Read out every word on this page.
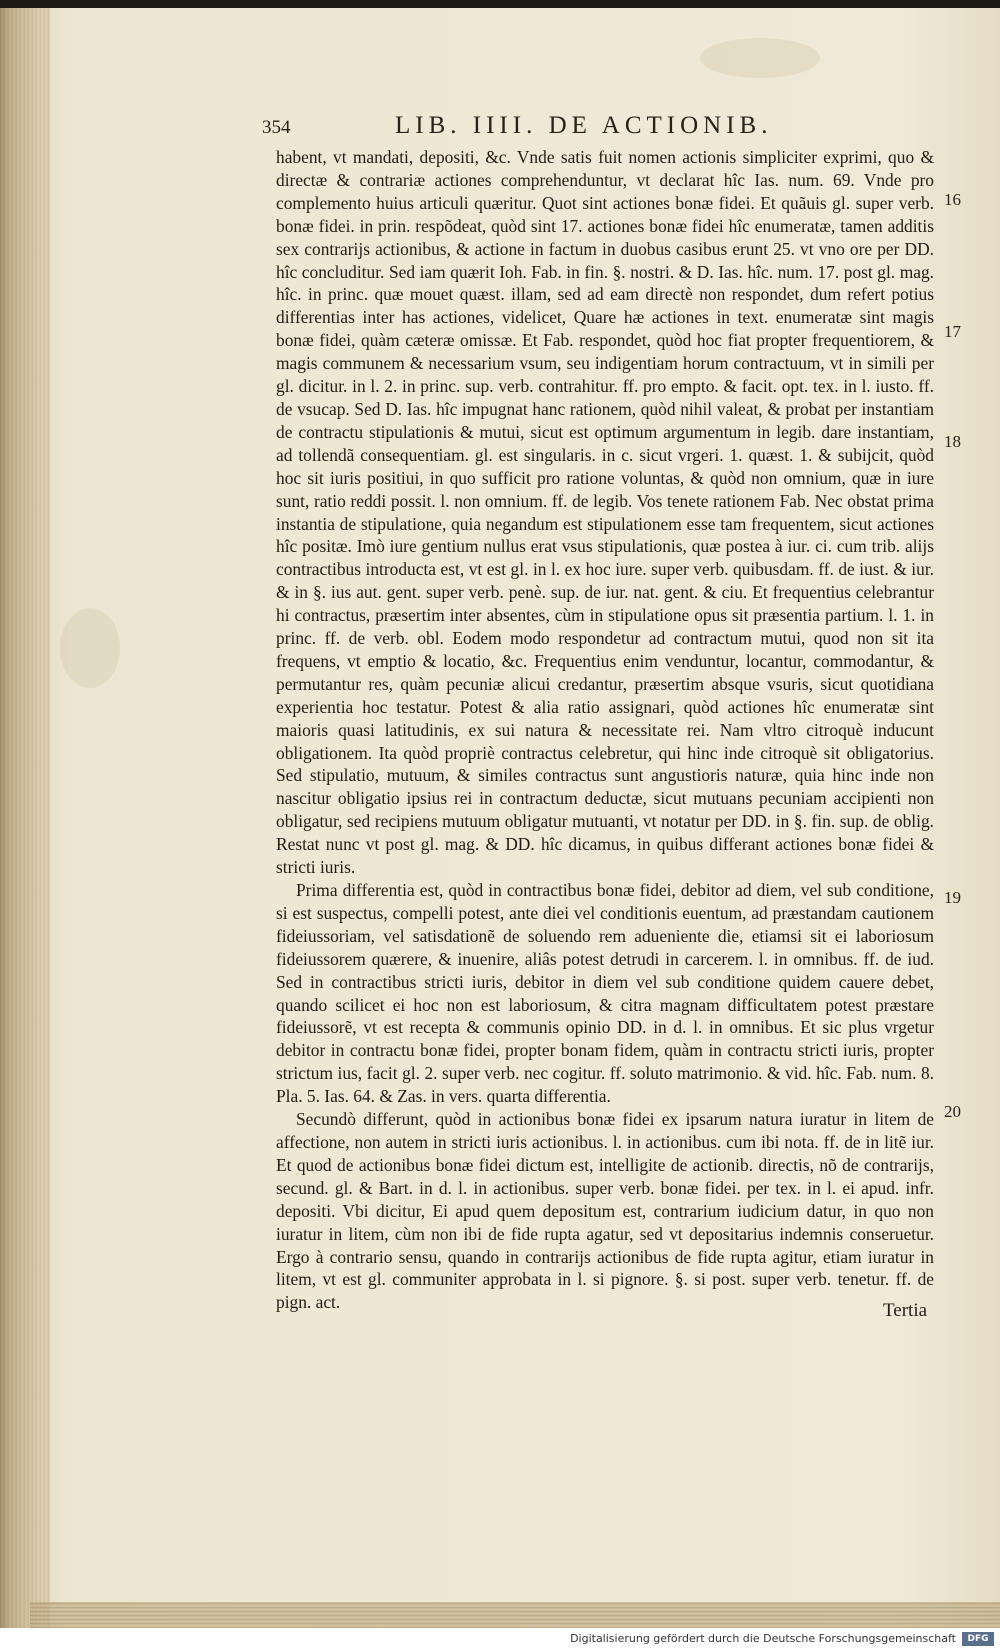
354	LIB. IIII. DE ACTIONIB.

habent, vt mandati, depositi, &c. Vnde satis fuit nomen actionis simpliciter exprimi, quo & directæ & contrariæ actiones comprehenduntur, vt declarat hîc Ias. num. 69. Vnde pro complemento huius articuli quæritur. Quot sint actiones bonæ fidei. Et quãuis gl. super verb. bonæ fidei. in prin. respõdeat, quòd sint 17. actiones bonæ fidei hîc enumeratæ, tamen additis sex contrarijs actionibus, & actione in factum in duobus casibus erunt 25. vt vno ore per DD. hîc concluditur. Sed iam quærit Ioh. Fab. in fin. §. nostri. & D. Ias. hîc. num. 17. post gl. mag. hîc. in princ. quæ mouet quæst. illam, sed ad eam directè non respondet, dum refert potius differentias inter has actiones, videlicet, Quare hæ actiones in text. enumeratæ sint magis bonæ fidei, quàm cæteræ omissæ. Et Fab. respondet, quòd hoc fiat propter frequentiorem, & magis communem & necessarium vsum, seu indigentiam horum contractuum, vt in simili per gl. dicitur. in l. 2. in princ. sup. verb. contrahitur. ff. pro empto. & facit. opt. tex. in l. iusto. ff. de vsucap. Sed D. Ias. hîc impugnat hanc rationem, quòd nihil valeat, & probat per instantiam de contractu stipulationis & mutui, sicut est optimum argumentum in legib. dare instantiam, ad tollendã consequentiam. gl. est singularis. in c. sicut vrgeri. 1. quæst. 1. & subijcit, quòd hoc sit iuris positiui, in quo sufficit pro ratione voluntas, & quòd non omnium, quæ in iure sunt, ratio reddi possit. l. non omnium. ff. de legib. Vos tenete rationem Fab. Nec obstat prima instantia de stipulatione, quia negandum est stipulationem esse tam frequentem, sicut actiones hîc positæ. Imò iure gentium nullus erat vsus stipulationis, quæ postea à iur. ci. cum trib. alijs contractibus introducta est, vt est gl. in l. ex hoc iure. super verb. quibusdam. ff. de iust. & iur. & in §. ius aut. gent. super verb. penè. sup. de iur. nat. gent. & ciu. Et frequentius celebrantur hi contractus, præsertim inter absentes, cùm in stipulatione opus sit præsentia partium. l. 1. in princ. ff. de verb. obl. Eodem modo respondetur ad contractum mutui, quod non sit ita frequens, vt emptio & locatio, &c. Frequentius enim venduntur, locantur, commodantur, & permutantur res, quàm pecuniæ alicui credantur, præsertim absque vsuris, sicut quotidiana experientia hoc testatur. Potest & alia ratio assignari, quòd actiones hîc enumeratæ sint maioris quasi latitudinis, ex sui natura & necessitate rei. Nam vltro citroquè inducunt obligationem. Ita quòd propriè contractus celebretur, qui hinc inde citroquè sit obligatorius. Sed stipulatio, mutuum, & similes contractus sunt angustioris naturæ, quia hinc inde non nascitur obligatio ipsius rei in contractum deductæ, sicut mutuans pecuniam accipienti non obligatur, sed recipiens mutuum obligatur mutuanti, vt notatur per DD. in §. fin. sup. de oblig. Restat nunc vt post gl. mag. & DD. hîc dicamus, in quibus differant actiones bonæ fidei & stricti iuris.

Prima differentia est, quòd in contractibus bonæ fidei, debitor ad diem, vel sub conditione, si est suspectus, compelli potest, ante diei vel conditionis euentum, ad præstandam cautionem fideiussoriam, vel satisdationẽ de soluendo rem adueniente die, etiamsi sit ei laboriosum fideiussorem quærere, & inuenire, aliâs potest detrudi in carcerem. l. in omnibus. ff. de iud. Sed in contractibus stricti iuris, debitor in diem vel sub conditione quidem cauere debet, quando scilicet ei hoc non est laboriosum, & citra magnam difficultatem potest præstare fideiussorẽ, vt est recepta & communis opinio DD. in d. l. in omnibus. Et sic plus vrgetur debitor in contractu bonæ fidei, propter bonam fidem, quàm in contractu stricti iuris, propter strictum ius, facit gl. 2. super verb. nec cogitur. ff. soluto matrimonio. & vid. hîc. Fab. num. 8. Pla. 5. Ias. 64. & Zas. in vers. quarta differentia.

Secundò differunt, quòd in actionibus bonæ fidei ex ipsarum natura iuratur in litem de affectione, non autem in stricti iuris actionibus. l. in actionibus. cum ibi nota. ff. de in litẽ iur. Et quod de actionibus bonæ fidei dictum est, intelligite de actionib. directis, nõ de contrarijs, secund. gl. & Bart. in d. l. in actionibus. super verb. bonæ fidei. per tex. in l. ei apud. infr. depositi. Vbi dicitur, Ei apud quem depositum est, contrarium iudicium datur, in quo non iuratur in litem, cùm non ibi de fide rupta agatur, sed vt depositarius indemnis conseruetur. Ergo à contrario sensu, quando in contrarijs actionibus de fide rupta agitur, etiam iuratur in litem, vt est gl. communiter approbata in l. si pignore. §. si post. super verb. tenetur. ff. de pign. act.

16
17
18
19
20
Tertia
Digitalisierung gefördert durch die Deutsche Forschungsgemeinschaft	DFG
